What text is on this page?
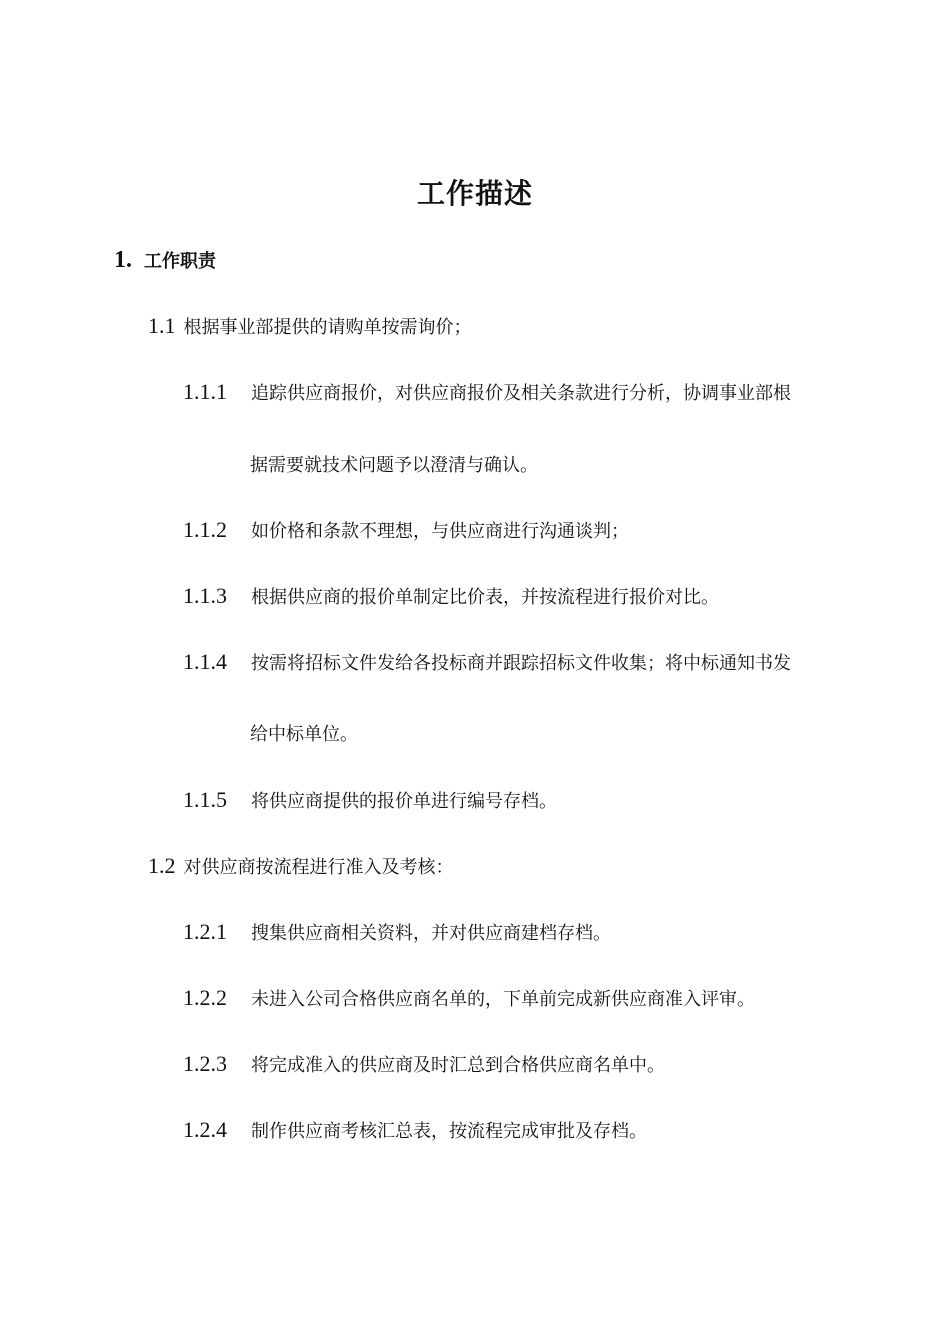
工作描述
1. 工作职责
1.1 根据事业部提供的请购单按需询价；
1.1.1 追踪供应商报价，对供应商报价及相关条款进行分析，协调事业部根
据需要就技术问题予以澄清与确认。
1.1.2 如价格和条款不理想，与供应商进行沟通谈判；
1.1.3 根据供应商的报价单制定比价表，并按流程进行报价对比。
1.1.4 按需将招标文件发给各投标商并跟踪招标文件收集；将中标通知书发
给中标单位。
1.1.5 将供应商提供的报价单进行编号存档。
1.2 对供应商按流程进行准入及考核：
1.2.1 搜集供应商相关资料，并对供应商建档存档。
1.2.2 未进入公司合格供应商名单的，下单前完成新供应商准入评审。
1.2.3 将完成准入的供应商及时汇总到合格供应商名单中。
1.2.4 制作供应商考核汇总表，按流程完成审批及存档。
